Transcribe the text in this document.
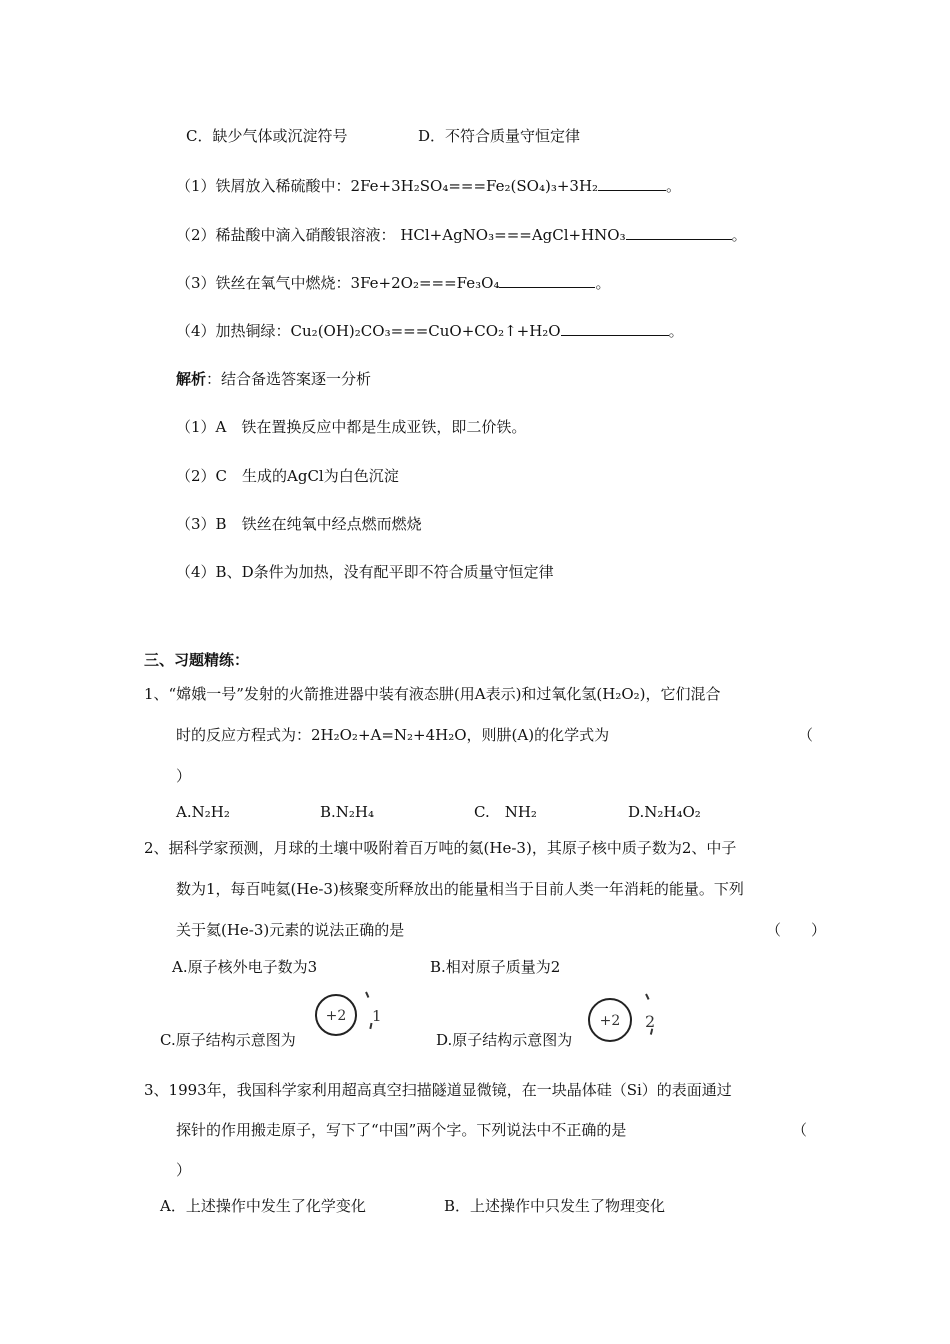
C．缺少气体或沉淀符号	D．不符合质量守恒定律
（1）铁屑放入稀硫酸中：2Fe+3H₂SO₄===Fe₂(SO₄)₃+3H₂	。
（2）稀盐酸中滴入硝酸银溶液： HCl+AgNO₃===AgCl+HNO₃	。
（3）铁丝在氧气中燃烧：3Fe+2O₂===Fe₃O₄	。
（4）加热铜绿：Cu₂(OH)₂CO₃===CuO+CO₂↑+H₂O	。
解析：结合备选答案逐一分析
（1）A　铁在置换反应中都是生成亚铁，即二价铁。
（2）C　生成的AgCl为白色沉淀
（3）B　铁丝在纯氧中经点燃而燃烧
（4）B、D条件为加热，没有配平即不符合质量守恒定律
三、习题精练：
1、“嫦娥一号”发射的火箭推进器中装有液态肼(用A表示)和过氧化氢(H₂O₂)，它们混合
时的反应方程式为：2H₂O₂+A=N₂+4H₂O，则肼(A)的化学式为	（
）
A.N₂H₂	B.N₂H₄	C.　NH₂	D.N₂H₄O₂
2、据科学家预测，月球的土壤中吸附着百万吨的氦(He-3)，其原子核中质子数为2、中子
数为1，每百吨氦(He-3)核聚变所释放出的能量相当于目前人类一年消耗的能量。下列
关于氦(He-3)元素的说法正确的是	（　　）
A.原子核外电子数为3	B.相对原子质量为2
C.原子结构示意图为
+2 1
D.原子结构示意图为
+2 2
3、1993年，我国科学家利用超高真空扫描隧道显微镜，在一块晶体硅（Si）的表面通过
探针的作用搬走原子，写下了“中国”两个字。下列说法中不正确的是	（
）
A．上述操作中发生了化学变化	B．上述操作中只发生了物理变化
